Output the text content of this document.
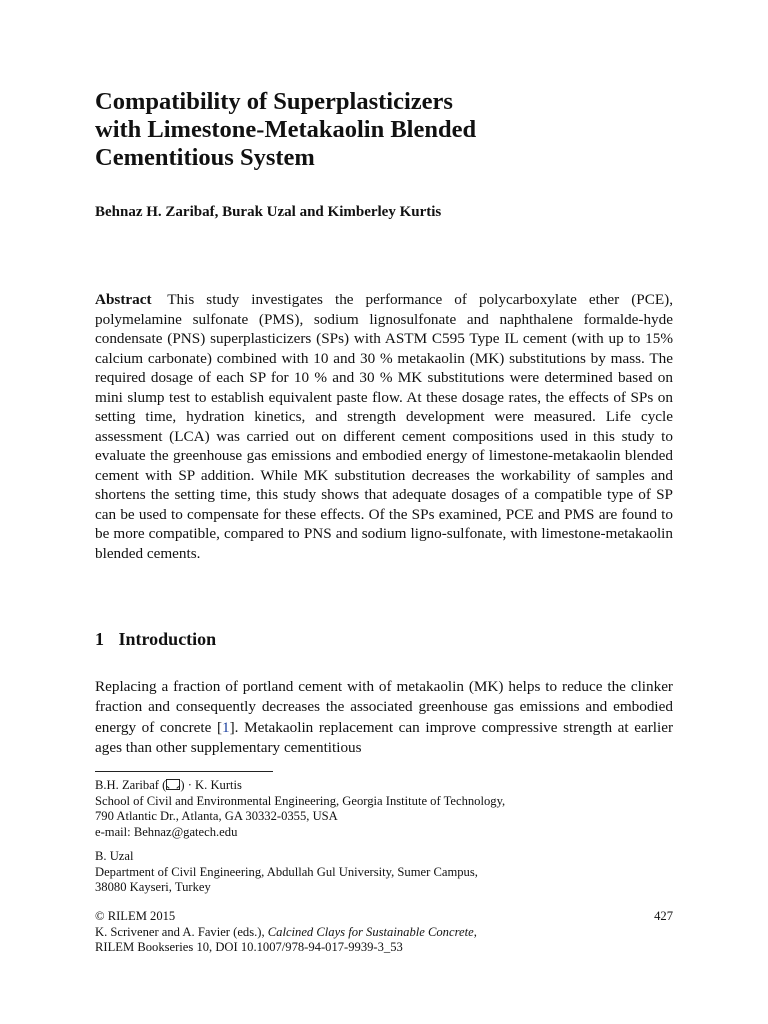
Compatibility of Superplasticizers
with Limestone-Metakaolin Blended
Cementitious System
Behnaz H. Zaribaf, Burak Uzal and Kimberley Kurtis
Abstract This study investigates the performance of polycarboxylate ether (PCE), polymelamine sulfonate (PMS), sodium lignosulfonate and naphthalene formalde-hyde condensate (PNS) superplasticizers (SPs) with ASTM C595 Type IL cement (with up to 15% calcium carbonate) combined with 10 and 30 % metakaolin (MK) substitutions by mass. The required dosage of each SP for 10 % and 30 % MK substitutions were determined based on mini slump test to establish equivalent paste flow. At these dosage rates, the effects of SPs on setting time, hydration kinetics, and strength development were measured. Life cycle assessment (LCA) was carried out on different cement compositions used in this study to evaluate the greenhouse gas emissions and embodied energy of limestone-metakaolin blended cement with SP addition. While MK substitution decreases the workability of samples and shortens the setting time, this study shows that adequate dosages of a compatible type of SP can be used to compensate for these effects. Of the SPs examined, PCE and PMS are found to be more compatible, compared to PNS and sodium ligno-sulfonate, with limestone-metakaolin blended cements.
1 Introduction
Replacing a fraction of portland cement with of metakaolin (MK) helps to reduce the clinker fraction and consequently decreases the associated greenhouse gas emissions and embodied energy of concrete [1]. Metakaolin replacement can improve compressive strength at earlier ages than other supplementary cementitious
B.H. Zaribaf ( ) · K. Kurtis
School of Civil and Environmental Engineering, Georgia Institute of Technology,
790 Atlantic Dr., Atlanta, GA 30332-0355, USA
e-mail: Behnaz@gatech.edu
B. Uzal
Department of Civil Engineering, Abdullah Gul University, Sumer Campus,
38080 Kayseri, Turkey
© RILEM 2015	427
K. Scrivener and A. Favier (eds.), Calcined Clays for Sustainable Concrete,
RILEM Bookseries 10, DOI 10.1007/978-94-017-9939-3_53
